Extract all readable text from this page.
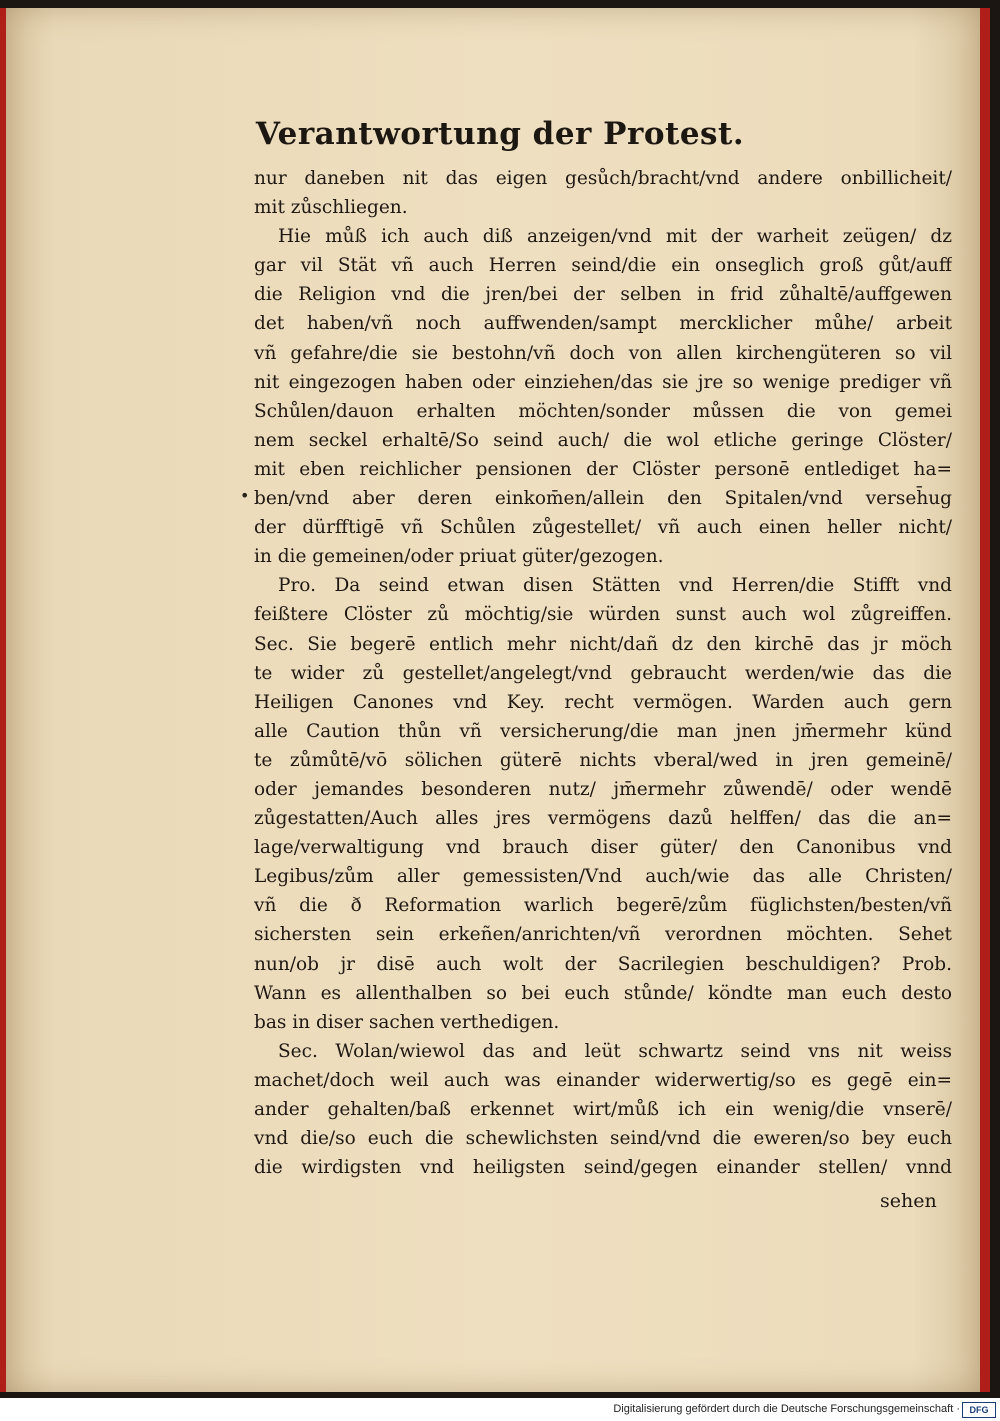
Verantwortung der Protest.
•
nur daneben nit das eigen gesůch/bracht/vnd andere onbillicheit/
mit zůschliegen.
Hie můß ich auch diß anzeigen/vnd mit der warheit zeügen/ dz
gar vil Stät vñ auch Herren seind/die ein onseglich groß gůt/auff
die Religion vnd die jren/bei der selben in frid zůhaltē/auffgewen
det haben/vñ noch auffwenden/sampt mercklicher můhe/ arbeit
vñ gefahre/die sie bestohn/vñ doch von allen kirchengüteren so vil
nit eingezogen haben oder einziehen/das sie jre so wenige prediger vñ
Schůlen/dauon erhalten möchten/sonder můssen die von gemei
nem seckel erhaltē/So seind auch/ die wol etliche geringe Clöster/
mit eben reichlicher pensionen der Clöster personē entlediget ha=
ben/vnd aber deren einkom̄en/allein den Spitalen/vnd verseh̄ug
der dürfftigē vñ Schůlen zůgestellet/ vñ auch einen heller nicht/
in die gemeinen/oder priuat güter/gezogen.
Pro. Da seind etwan disen Stätten vnd Herren/die Stifft vnd
feißtere Clöster zů möchtig/sie würden sunst auch wol zůgreiffen.
Sec. Sie begerē entlich mehr nicht/dañ dz den kirchē das jr möch
te wider zů gestellet/angelegt/vnd gebraucht werden/wie das die
Heiligen Canones vnd Key. recht vermögen. Warden auch gern
alle Caution thůn vñ versicherung/die man jnen jm̄ermehr künd
te zůmůtē/vō sölichen güterē nichts vberal/wed in jren gemeinē/
oder jemandes besonderen nutz/ jm̄ermehr zůwendē/ oder wendē
zůgestatten/Auch alles jres vermögens dazů helffen/ das die an=
lage/verwaltigung vnd brauch diser güter/ den Canonibus vnd
Legibus/zům aller gemessisten/Vnd auch/wie das alle Christen/
vñ die ð Reformation warlich begerē/zům füglichsten/besten/vñ
sichersten sein erkeñen/anrichten/vñ verordnen möchten. Sehet
nun/ob jr disē auch wolt der Sacrilegien beschuldigen? Prob.
Wann es allenthalben so bei euch stůnde/ köndte man euch desto
bas in diser sachen verthedigen.
Sec. Wolan/wiewol das and leüt schwartz seind vns nit weiss
machet/doch weil auch was einander widerwertig/so es gegē ein=
ander gehalten/baß erkennet wirt/můß ich ein wenig/die vnserē/
vnd die/so euch die schewlichsten seind/vnd die eweren/so bey euch
die wirdigsten vnd heiligsten seind/gegen einander stellen/ vnnd
sehen
Digitalisierung gefördert durch die Deutsche Forschungsgemeinschaft ·	DFG
